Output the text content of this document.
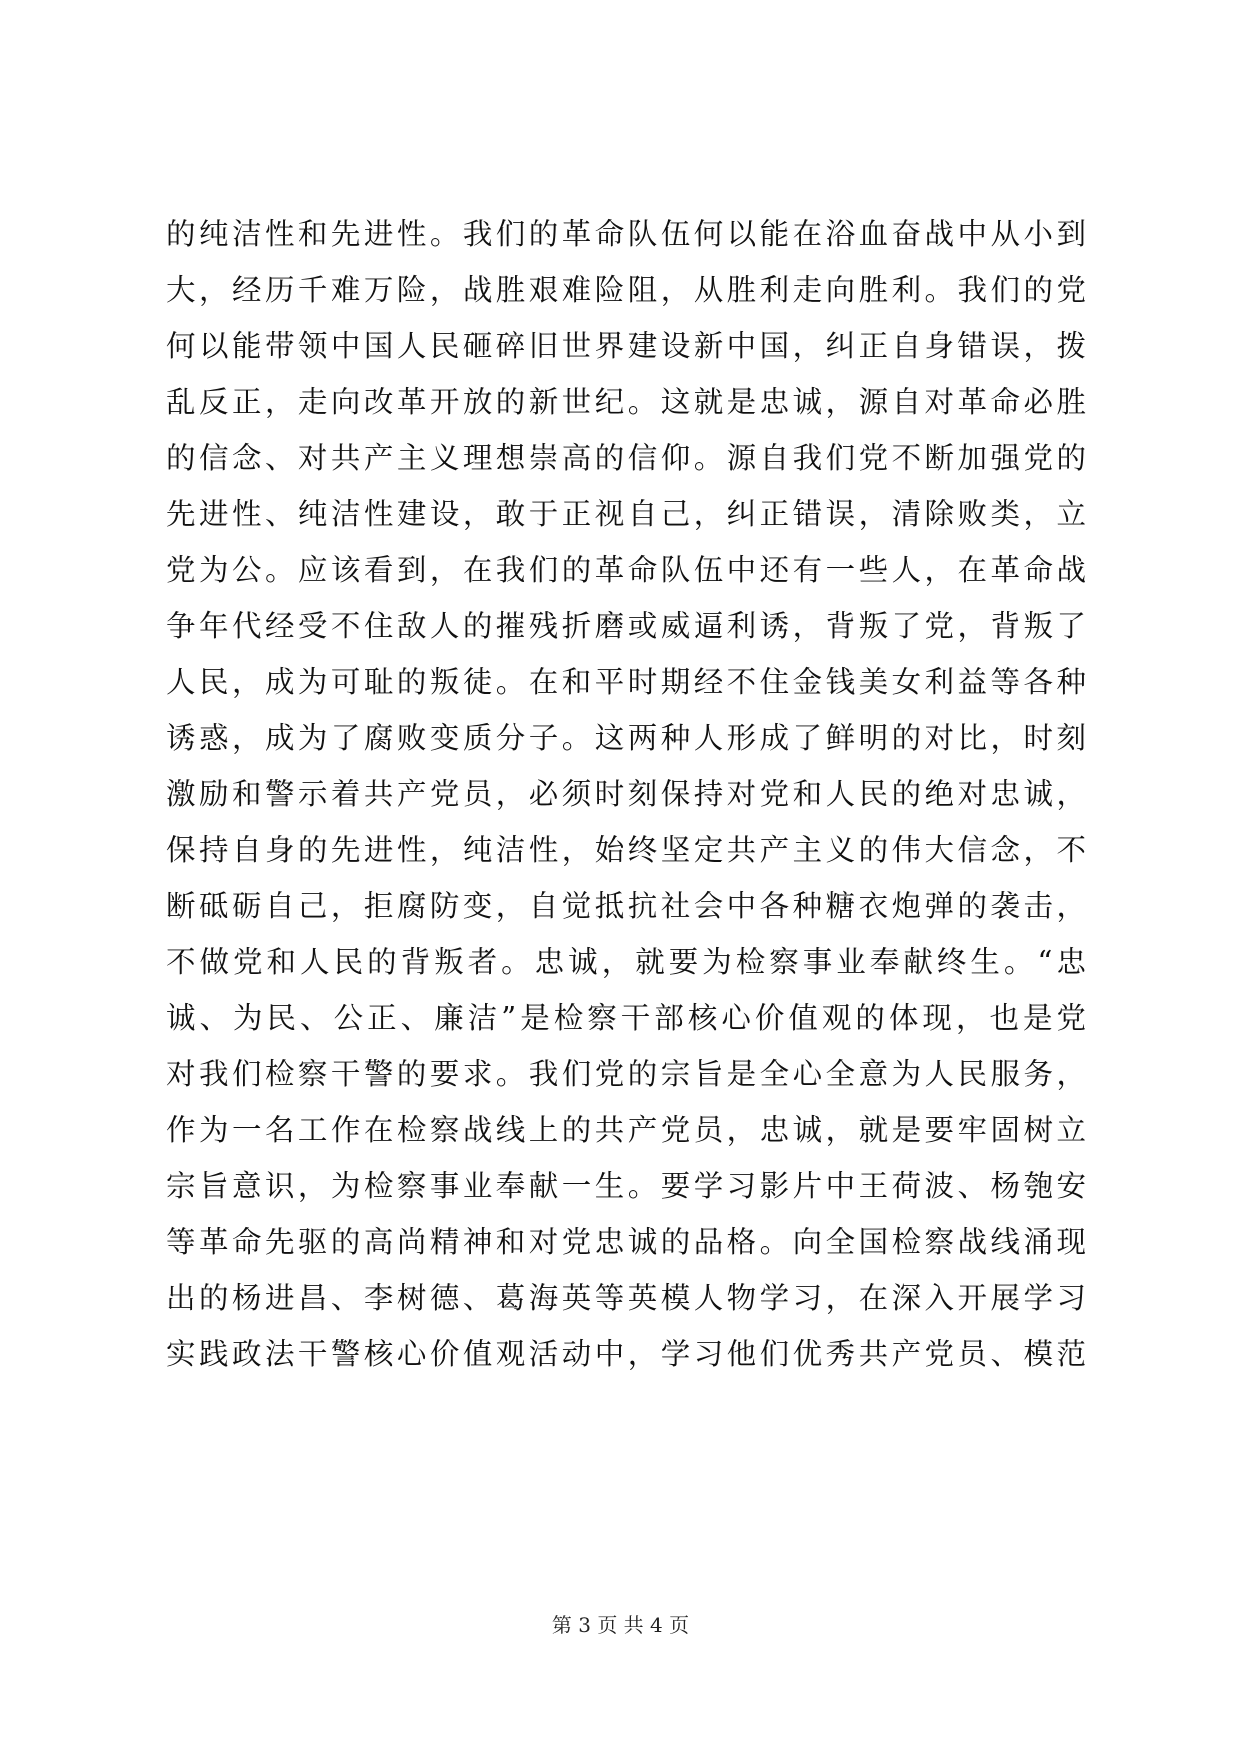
的纯洁性和先进性。我们的革命队伍何以能在浴血奋战中从小到
大，经历千难万险，战胜艰难险阻，从胜利走向胜利。我们的党
何以能带领中国人民砸碎旧世界建设新中国，纠正自身错误，拨
乱反正，走向改革开放的新世纪。这就是忠诚，源自对革命必胜
的信念、对共产主义理想崇高的信仰。源自我们党不断加强党的
先进性、纯洁性建设，敢于正视自己，纠正错误，清除败类，立
党为公。应该看到，在我们的革命队伍中还有一些人，在革命战
争年代经受不住敌人的摧残折磨或威逼利诱，背叛了党，背叛了
人民，成为可耻的叛徒。在和平时期经不住金钱美女利益等各种
诱惑，成为了腐败变质分子。这两种人形成了鲜明的对比，时刻
激励和警示着共产党员，必须时刻保持对党和人民的绝对忠诚，
保持自身的先进性，纯洁性，始终坚定共产主义的伟大信念，不
断砥砺自己，拒腐防变，自觉抵抗社会中各种糖衣炮弹的袭击，
不做党和人民的背叛者。忠诚，就要为检察事业奉献终生。“忠
诚、为民、公正、廉洁”是检察干部核心价值观的体现，也是党
对我们检察干警的要求。我们党的宗旨是全心全意为人民服务，
作为一名工作在检察战线上的共产党员，忠诚，就是要牢固树立
宗旨意识，为检察事业奉献一生。要学习影片中王荷波、杨匏安
等革命先驱的高尚精神和对党忠诚的品格。向全国检察战线涌现
出的杨进昌、李树德、葛海英等英模人物学习，在深入开展学习
实践政法干警核心价值观活动中，学习他们优秀共产党员、模范
第 3 页 共 4 页
